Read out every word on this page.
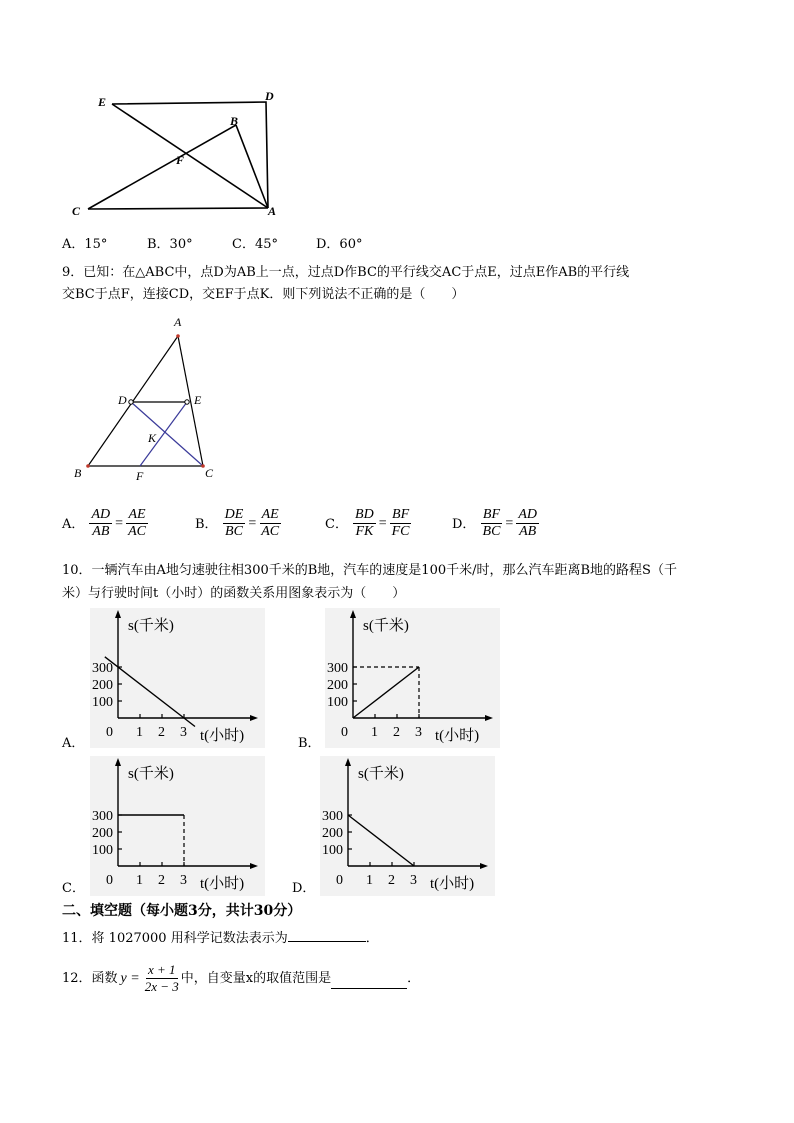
E	D
B
F
C	A
A．15°	B．30°	C．45°	D．60°
9．已知：在△ABC中，点D为AB上一点，过点D作BC的平行线交AC于点E，过点E作AB的平行线
交BC于点F，连接CD，交EF于点K．则下列说法不正确的是（　　）
A
D	E
K
B	F	C
A． $\frac{AD}{AB} = \frac{AE}{AC}$	B． $\frac{DE}{BC} = \frac{AE}{AC}$	C． $\frac{BD}{FK} = \frac{BF}{FC}$	D． $\frac{BF}{BC} = \frac{AD}{AB}$
10．一辆汽车由A地匀速驶往相300千米的B地，汽车的速度是100千米/时，那么汽车距离B地的路程S（千
米）与行驶时间t（小时）的函数关系用图象表示为（　　）
s(千米)
t(小时)
300
200
100
0 1 2 3
A．
s(千米)
t(小时)
300
200
100
0 1 2 3
B．
s(千米)
t(小时)
300
200
100
0 1 2 3
C．
s(千米)
t(小时)
300
200
100
0 1 2 3
D．
二、填空题（每小题3分，共计30分）
11．将 1027000 用科学记数法表示为	．
12．函数 $y = \frac{x + 1}{2x - 3}$ 中，自变量x的取值范围是	．
